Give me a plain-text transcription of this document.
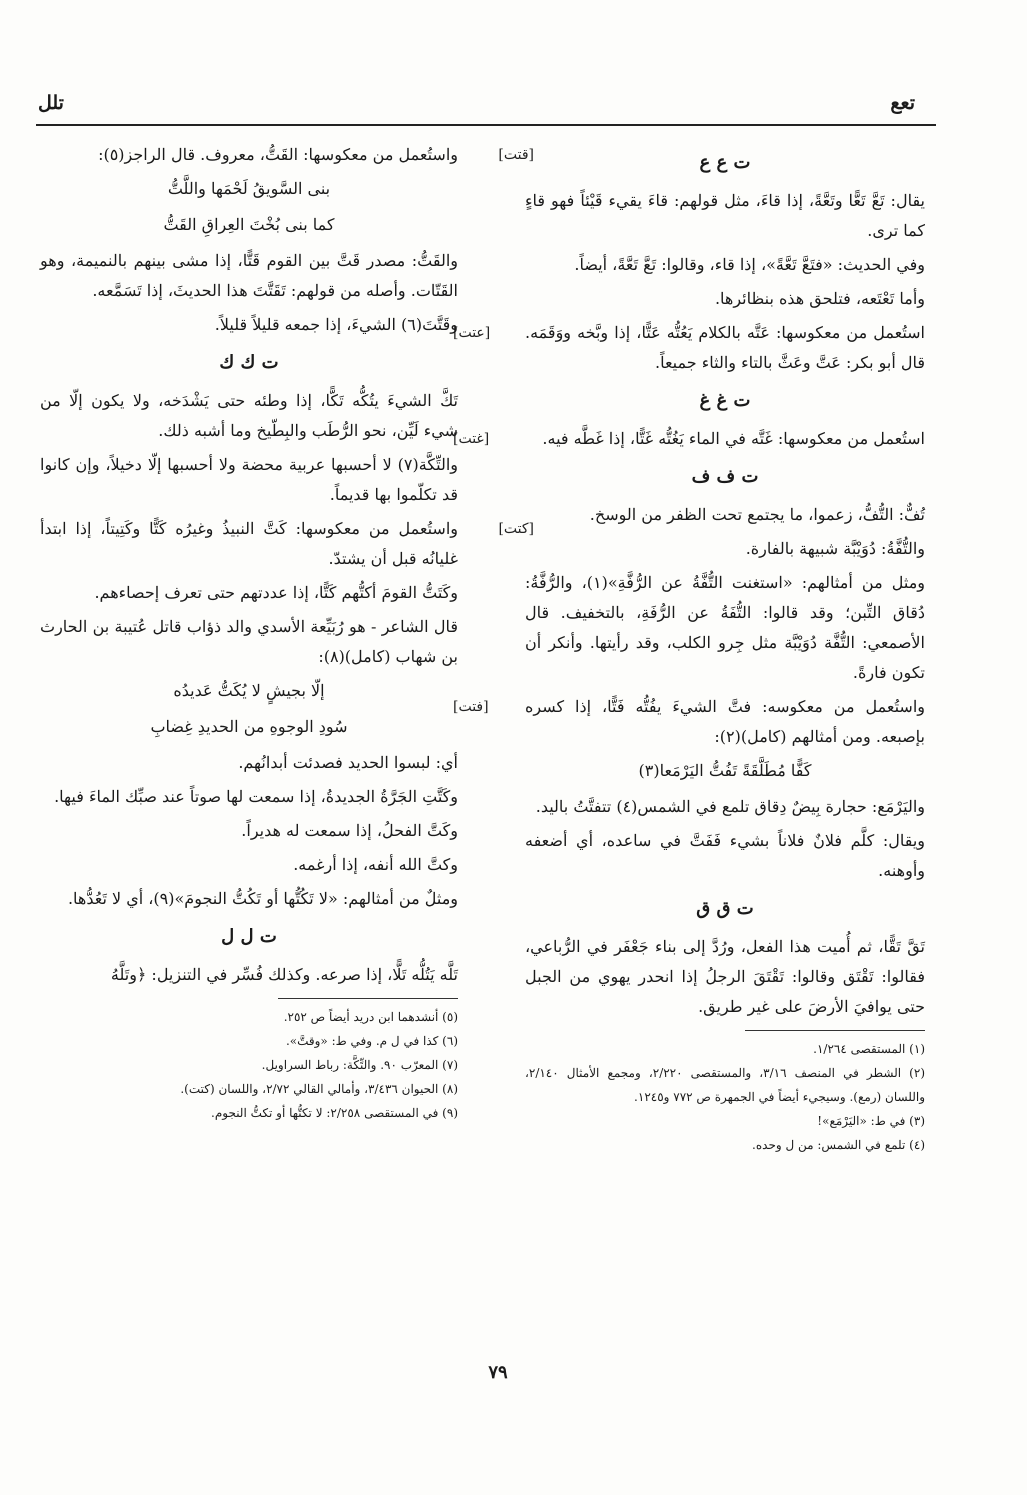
تعع
تلل
ت ع ع

يقال: تَعَّ تَعًّا وتَعَّةً، إذا قاءَ، مثل قولهم: قاءَ يقيء قَيْئاً فهو قاءٍ كما ترى.

وفي الحديث: «فتَعَّ تَعَّةً»، إذا قاء، وقالوا: تَعَّ تَعَّةً، أيضاً.

وأما تَعْتَعه، فتلحق هذه بنظائرها.

[عتت] استُعمل من معكوسها: عَتَّه بالكلام يَعُتُّه عَتًّا، إذا وبَّخه ووَقَمَه. قال أبو بكر: عَتَّ وعَثَّ بالتاء والثاء جميعاً.

ت غ غ

[غتت]	استُعمل من معكوسها: غَتَّه في الماء يَغُتُّه غَتًّا، إذا غَطَّه فيه.

ت ف ف

تُفٌّ: التُّفُّ، زعموا، ما يجتمع تحت الظفر من الوسخ.

والتُّفَّةُ: دُوَيْبَّة شبيهة بالفارة.

ومثل من أمثالهم: «استغنت التُّفَّةُ عن الرُّفَّةِ»(١)، والرُّفَّةُ: دُقاق التِّبن؛ وقد قالوا: التُّفَةُ عن الرُّفَةِ، بالتخفيف. قال الأصمعي: التُّفَّة دُوَيْبَّة مثل جِرو الكلب، وقد رأيتها. وأنكر أن تكون فارةً.

[فتت] واستُعمل من معكوسه: فتَّ الشيءَ يفُتُّه فَتًّا، إذا كسره بإصبعه. ومن أمثالهم (كامل)(٢):

كَفًّا مُطَلَّقَةً تَفُتُّ اليَرْمَعا(٣)

واليَرْمَع: حجارة بِيضٌ دِقاق تلمع في الشمس(٤) تتفتَّتُ باليد.

ويقال: كلَّم فلانٌ فلاناً بشيء فَفَتَّ في ساعده، أي أضعفه وأوهنه.

ت ق ق

تَقَّ تَقًّا، ثم أُميت هذا الفعل، ورُدَّ إلى بناء جَعْفَر في الرُّباعي، فقالوا: تَقْتَق وقالوا: تَقْتَقَ الرجلُ إذا انحدر يهوي من الجبل حتى يوافيَ الأرضَ على غير طريق.

(١) المستقصى ١/٢٦٤.
(٢) الشطر في المنصف ٣/١٦، والمستقصى ٢/٢٢٠، ومجمع الأمثال ٢/١٤٠، واللسان (رمع). وسيجيء أيضاً في الجمهرة ص ٧٧٢ و١٢٤٥.
(٣) في ط: «اليَرْمَع»!
(٤) تلمع في الشمس: من ل وحده.

[قتت]
واستُعمل من معكوسها: القَتُّ، معروف. قال الراجز(٥):

بنى السَّويقُ لَحْمَها واللَّتُّ
كما بنى بُخْتَ العِراقِ القَتُّ

والقَتُّ: مصدر قَتَّ بين القوم قَتًّا، إذا مشى بينهم بالنميمة، وهو القَتّات. وأصله من قولهم: تَقَتَّتَ هذا الحديثَ، إذا تَسَمَّعه.

وقَتَّتَ(٦) الشيءَ، إذا جمعه قليلاً قليلاً.

ت ك ك

تَكَّ الشيءَ يتُكُّه تَكًّا، إذا وطئه حتى يَشْدَخه، ولا يكون إلّا من شيء لَيِّن، نحو الرُّطَب والبِطّيخ وما أشبه ذلك.

والتِّكَّة(٧) لا أحسبها عربية محضة ولا أحسبها إلّا دخيلاً، وإن كانوا قد تكلّموا بها قديماً.

[كتت]
واستُعمل من معكوسها: كَتَّ النبيذُ وغيرُه كَتًّا وكَتِيتاً، إذا ابتدأ غليانُه قبل أن يشتدّ.

وكَتَتُّ القومَ أكتُّهم كَتًّا، إذا عددتهم حتى تعرف إحصاءهم.

قال الشاعر - هو رُبَيِّعة الأسدي والد ذؤاب قاتل عُتيبة بن الحارث بن شهاب (كامل)(٨):

إلّا بجيشٍ لا يُكَتُّ عَديدُه
سُودِ الوجوهِ من الحديدِ غِضابِ

أي: لبسوا الحديد فصدئت أبدانُهم.

وكَتَّتِ الجَرَّةُ الجديدةُ، إذا سمعت لها صوتاً عند صبِّك الماءَ فيها.

وكَتَّ الفحلُ، إذا سمعت له هديراً.

وكتَّ الله أنفه، إذا أرغمه.

ومثلٌ من أمثالهم: «لا تَكُتُّها أو تَكُتُّ النجومَ»(٩)، أي لا تَعُدُّها.

ت ل ل

تَلَّه يَتُلُّه تَلًّا، إذا صرعه. وكذلك فُسِّر في التنزيل: ﴿وتَلَّهُ

(٥) أنشدهما ابن دريد أيضاً ص ٢٥٢.
(٦) كذا في ل م. وفي ط: «وقتَّ».
(٧) المعرّب ٩٠. والتِّكَّة: رباط السراويل.
(٨) الحيوان ٣/٤٣٦، وأمالي القالي ٢/٧٢، واللسان (كتت).
(٩) في المستقصى ٢/٢٥٨: لا تكتُّها أو تكتُّ النجوم.
٧٩
